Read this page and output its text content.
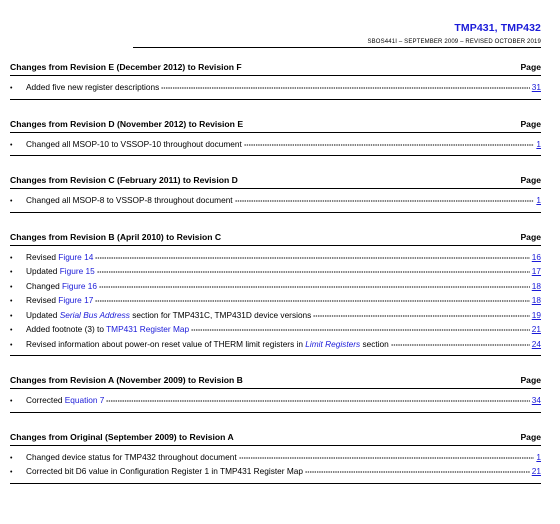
TMP431, TMP432
SBOS441I – SEPTEMBER 2009 – REVISED OCTOBER 2019
Changes from Revision E (December 2012) to Revision F	Page
•	Added five new register descriptions	31
Changes from Revision D (November 2012) to Revision E	Page
•	Changed all MSOP-10 to VSSOP-10 throughout document	1
Changes from Revision C (February 2011) to Revision D	Page
•	Changed all MSOP-8 to VSSOP-8 throughout document	1
Changes from Revision B (April 2010) to Revision C	Page
•	Revised Figure 14	16
•	Updated Figure 15	17
•	Changed Figure 16	18
•	Revised Figure 17	18
•	Updated Serial Bus Address section for TMP431C, TMP431D device versions	19
•	Added footnote (3) to TMP431 Register Map	21
•	Revised information about power-on reset value of THERM limit registers in Limit Registers section	24
Changes from Revision A (November 2009) to Revision B	Page
•	Corrected Equation 7	34
Changes from Original (September 2009) to Revision A	Page
•	Changed device status for TMP432 throughout document	1
•	Corrected bit D6 value in Configuration Register 1 in TMP431 Register Map	21
